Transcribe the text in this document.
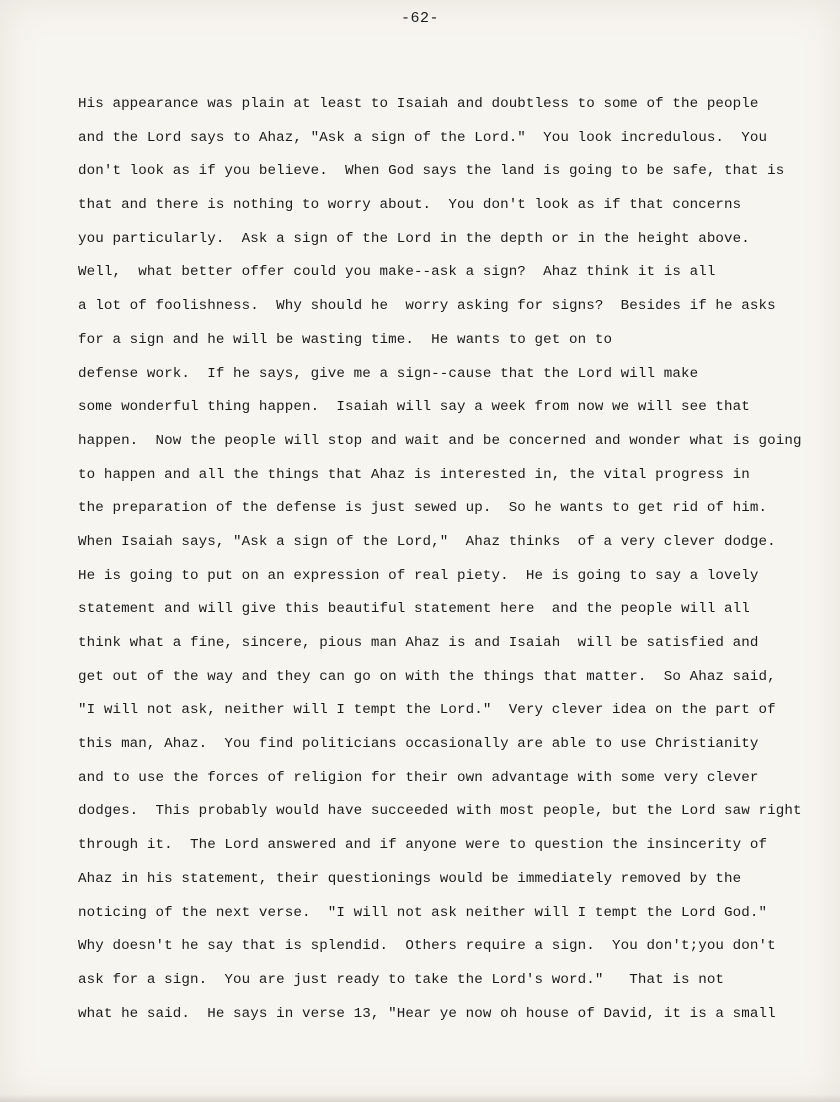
-62-
His appearance was plain at least to Isaiah and doubtless to some of the people
and the Lord says to Ahaz, "Ask a sign of the Lord."  You look incredulous.  You
don't look as if you believe.  When God says the land is going to be safe, that is
that and there is nothing to worry about.  You don't look as if that concerns
you particularly.  Ask a sign of the Lord in the depth or in the height above.
Well,  what better offer could you make--ask a sign?  Ahaz think it is all
a lot of foolishness.  Why should he  worry asking for signs?  Besides if he asks
for a sign and he will be wasting time.  He wants to get on to
defense work.  If he says, give me a sign--cause that the Lord will make
some wonderful thing happen.  Isaiah will say a week from now we will see that
happen.  Now the people will stop and wait and be concerned and wonder what is going
to happen and all the things that Ahaz is interested in, the vital progress in
the preparation of the defense is just sewed up.  So he wants to get rid of him.
When Isaiah says, "Ask a sign of the Lord,"  Ahaz thinks  of a very clever dodge.
He is going to put on an expression of real piety.  He is going to say a lovely
statement and will give this beautiful statement here  and the people will all
think what a fine, sincere, pious man Ahaz is and Isaiah  will be satisfied and
get out of the way and they can go on with the things that matter.  So Ahaz said,
"I will not ask, neither will I tempt the Lord."  Very clever idea on the part of
this man, Ahaz.  You find politicians occasionally are able to use Christianity
and to use the forces of religion for their own advantage with some very clever
dodges.  This probably would have succeeded with most people, but the Lord saw right
through it.  The Lord answered and if anyone were to question the insincerity of
Ahaz in his statement, their questionings would be immediately removed by the
noticing of the next verse.  "I will not ask neither will I tempt the Lord God."
Why doesn't he say that is splendid.  Others require a sign.  You don't;you don't
ask for a sign.  You are just ready to take the Lord's word."   That is not
what he said.  He says in verse 13, "Hear ye now oh house of David, it is a small
